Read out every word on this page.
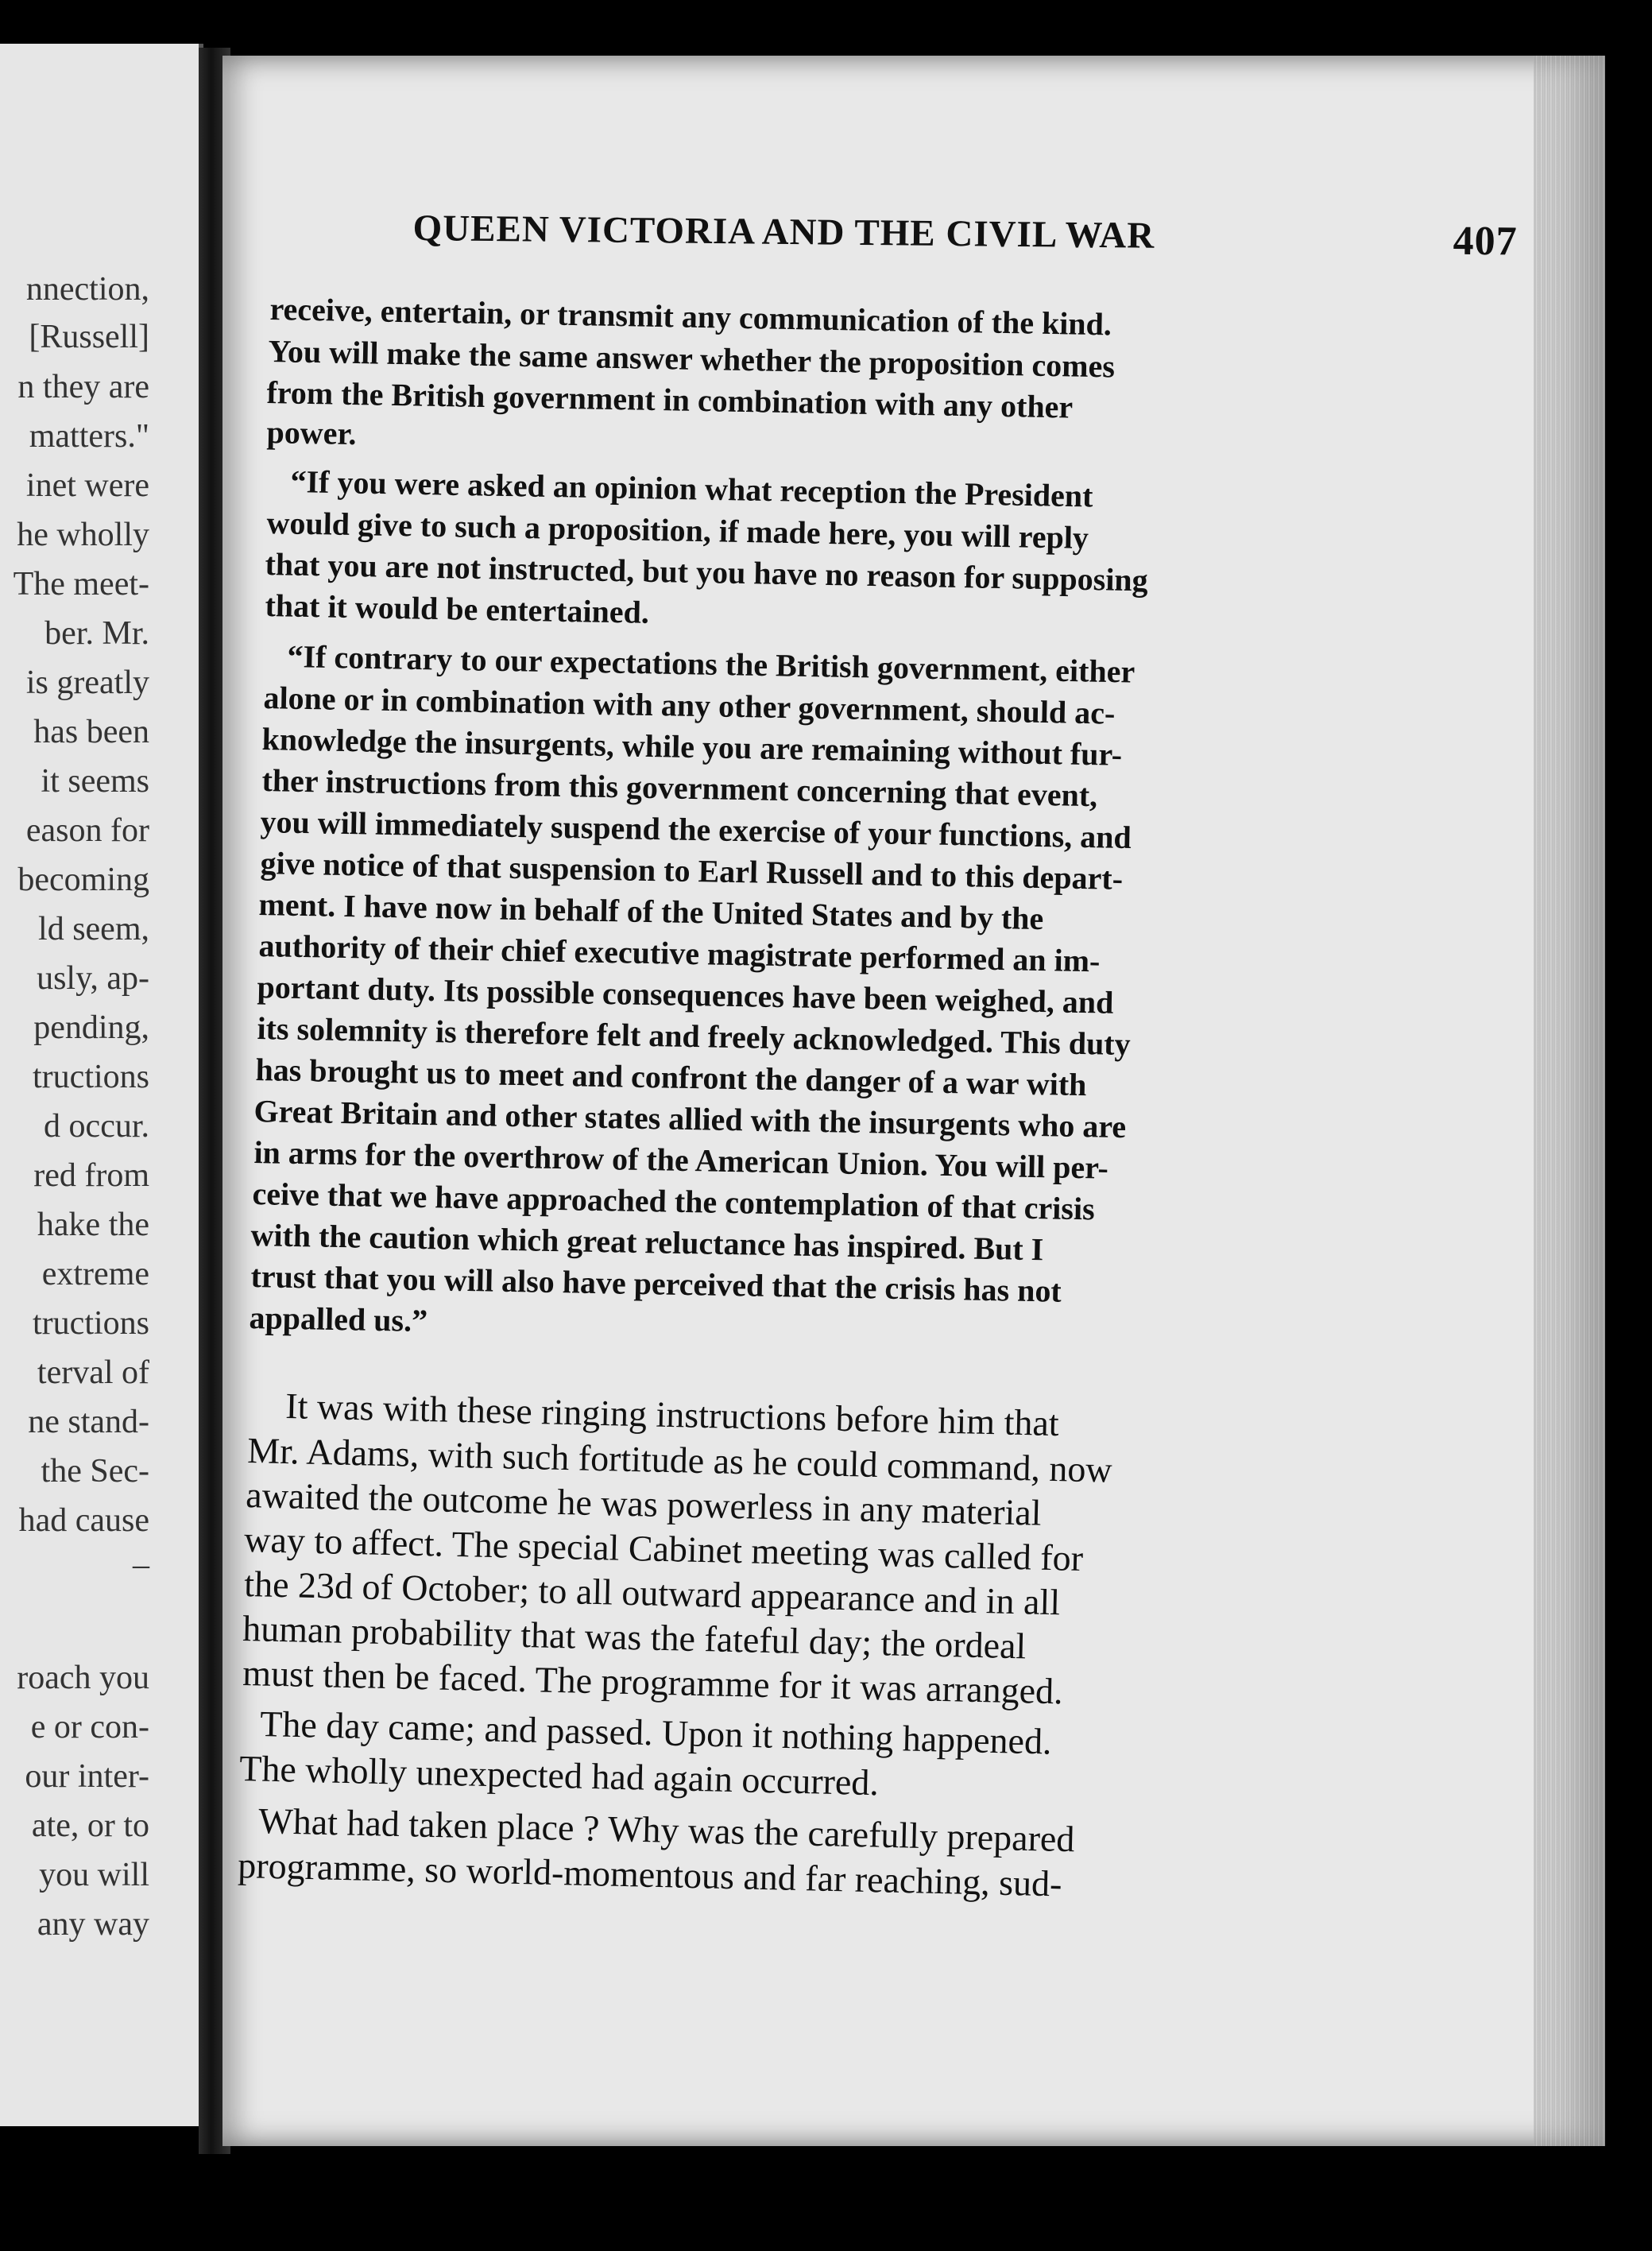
nnection,
[Russell]
n they are
matters."
inet were
he wholly
The meet-
ber. Mr.
is greatly
has been
it seems
eason for
becoming
ld seem,
usly, ap-
pending,
tructions
d occur.
red from
hake the
extreme
tructions
terval of
ne stand-
the Sec-
had cause
–
roach you
e or con-
our inter-
ate, or to
you will
any way
QUEEN VICTORIA AND THE CIVIL WAR	407
receive, entertain, or transmit any communication of the kind.
You will make the same answer whether the proposition comes
from the British government in combination with any other
power.
“If you were asked an opinion what reception the President
would give to such a proposition, if made here, you will reply
that you are not instructed, but you have no reason for supposing
that it would be entertained.
“If contrary to our expectations the British government, either
alone or in combination with any other government, should ac-
knowledge the insurgents, while you are remaining without fur-
ther instructions from this government concerning that event,
you will immediately suspend the exercise of your functions, and
give notice of that suspension to Earl Russell and to this depart-
ment. I have now in behalf of the United States and by the
authority of their chief executive magistrate performed an im-
portant duty. Its possible consequences have been weighed, and
its solemnity is therefore felt and freely acknowledged. This duty
has brought us to meet and confront the danger of a war with
Great Britain and other states allied with the insurgents who are
in arms for the overthrow of the American Union. You will per-
ceive that we have approached the contemplation of that crisis
with the caution which great reluctance has inspired. But I
trust that you will also have perceived that the crisis has not
appalled us.”
It was with these ringing instructions before him that
Mr. Adams, with such fortitude as he could command, now
awaited the outcome he was powerless in any material
way to affect. The special Cabinet meeting was called for
the 23d of October; to all outward appearance and in all
human probability that was the fateful day; the ordeal
must then be faced. The programme for it was arranged.
The day came; and passed. Upon it nothing happened.
The wholly unexpected had again occurred.
What had taken place ? Why was the carefully prepared
programme, so world-momentous and far reaching, sud-
